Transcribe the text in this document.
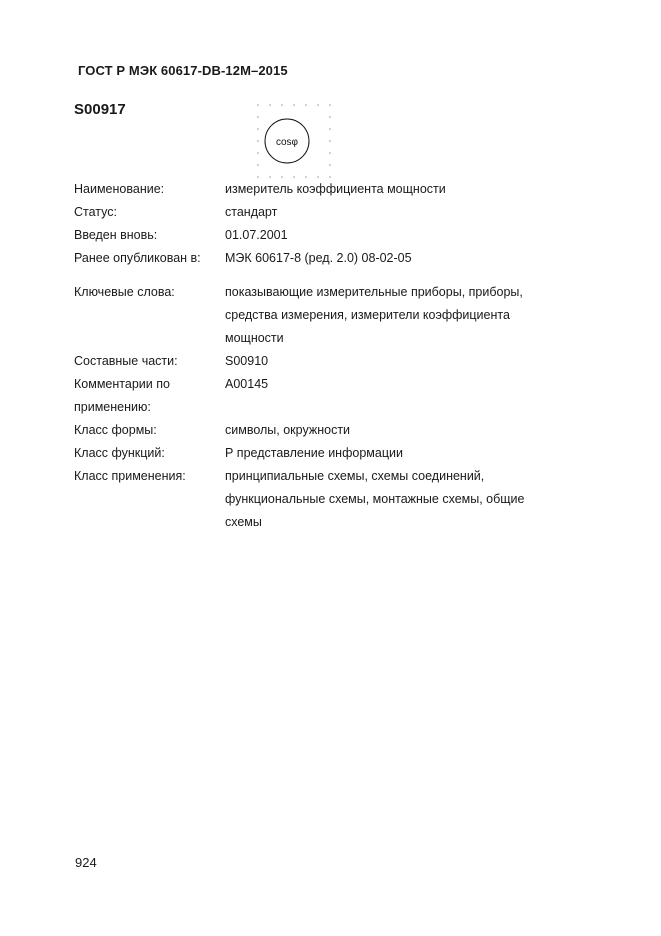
ГОСТ Р МЭК 60617-DB-12M–2015
S00917
cosφ
Наименование:	измеритель коэффициента мощности
Статус:	стандарт
Введен вновь:	01.07.2001
Ранее опубликован в:	МЭК 60617-8 (ред. 2.0) 08-02-05
Ключевые слова:	показывающие измерительные приборы, приборы, средства измерения, измерители коэффициента мощности
Составные части:	S00910
Комментарии по применению:
A00145
Класс формы:	символы, окружности
Класс функций:	Р представление информации
Класс применения:	принципиальные схемы, схемы соединений, функциональные схемы, монтажные схемы, общие схемы
924
